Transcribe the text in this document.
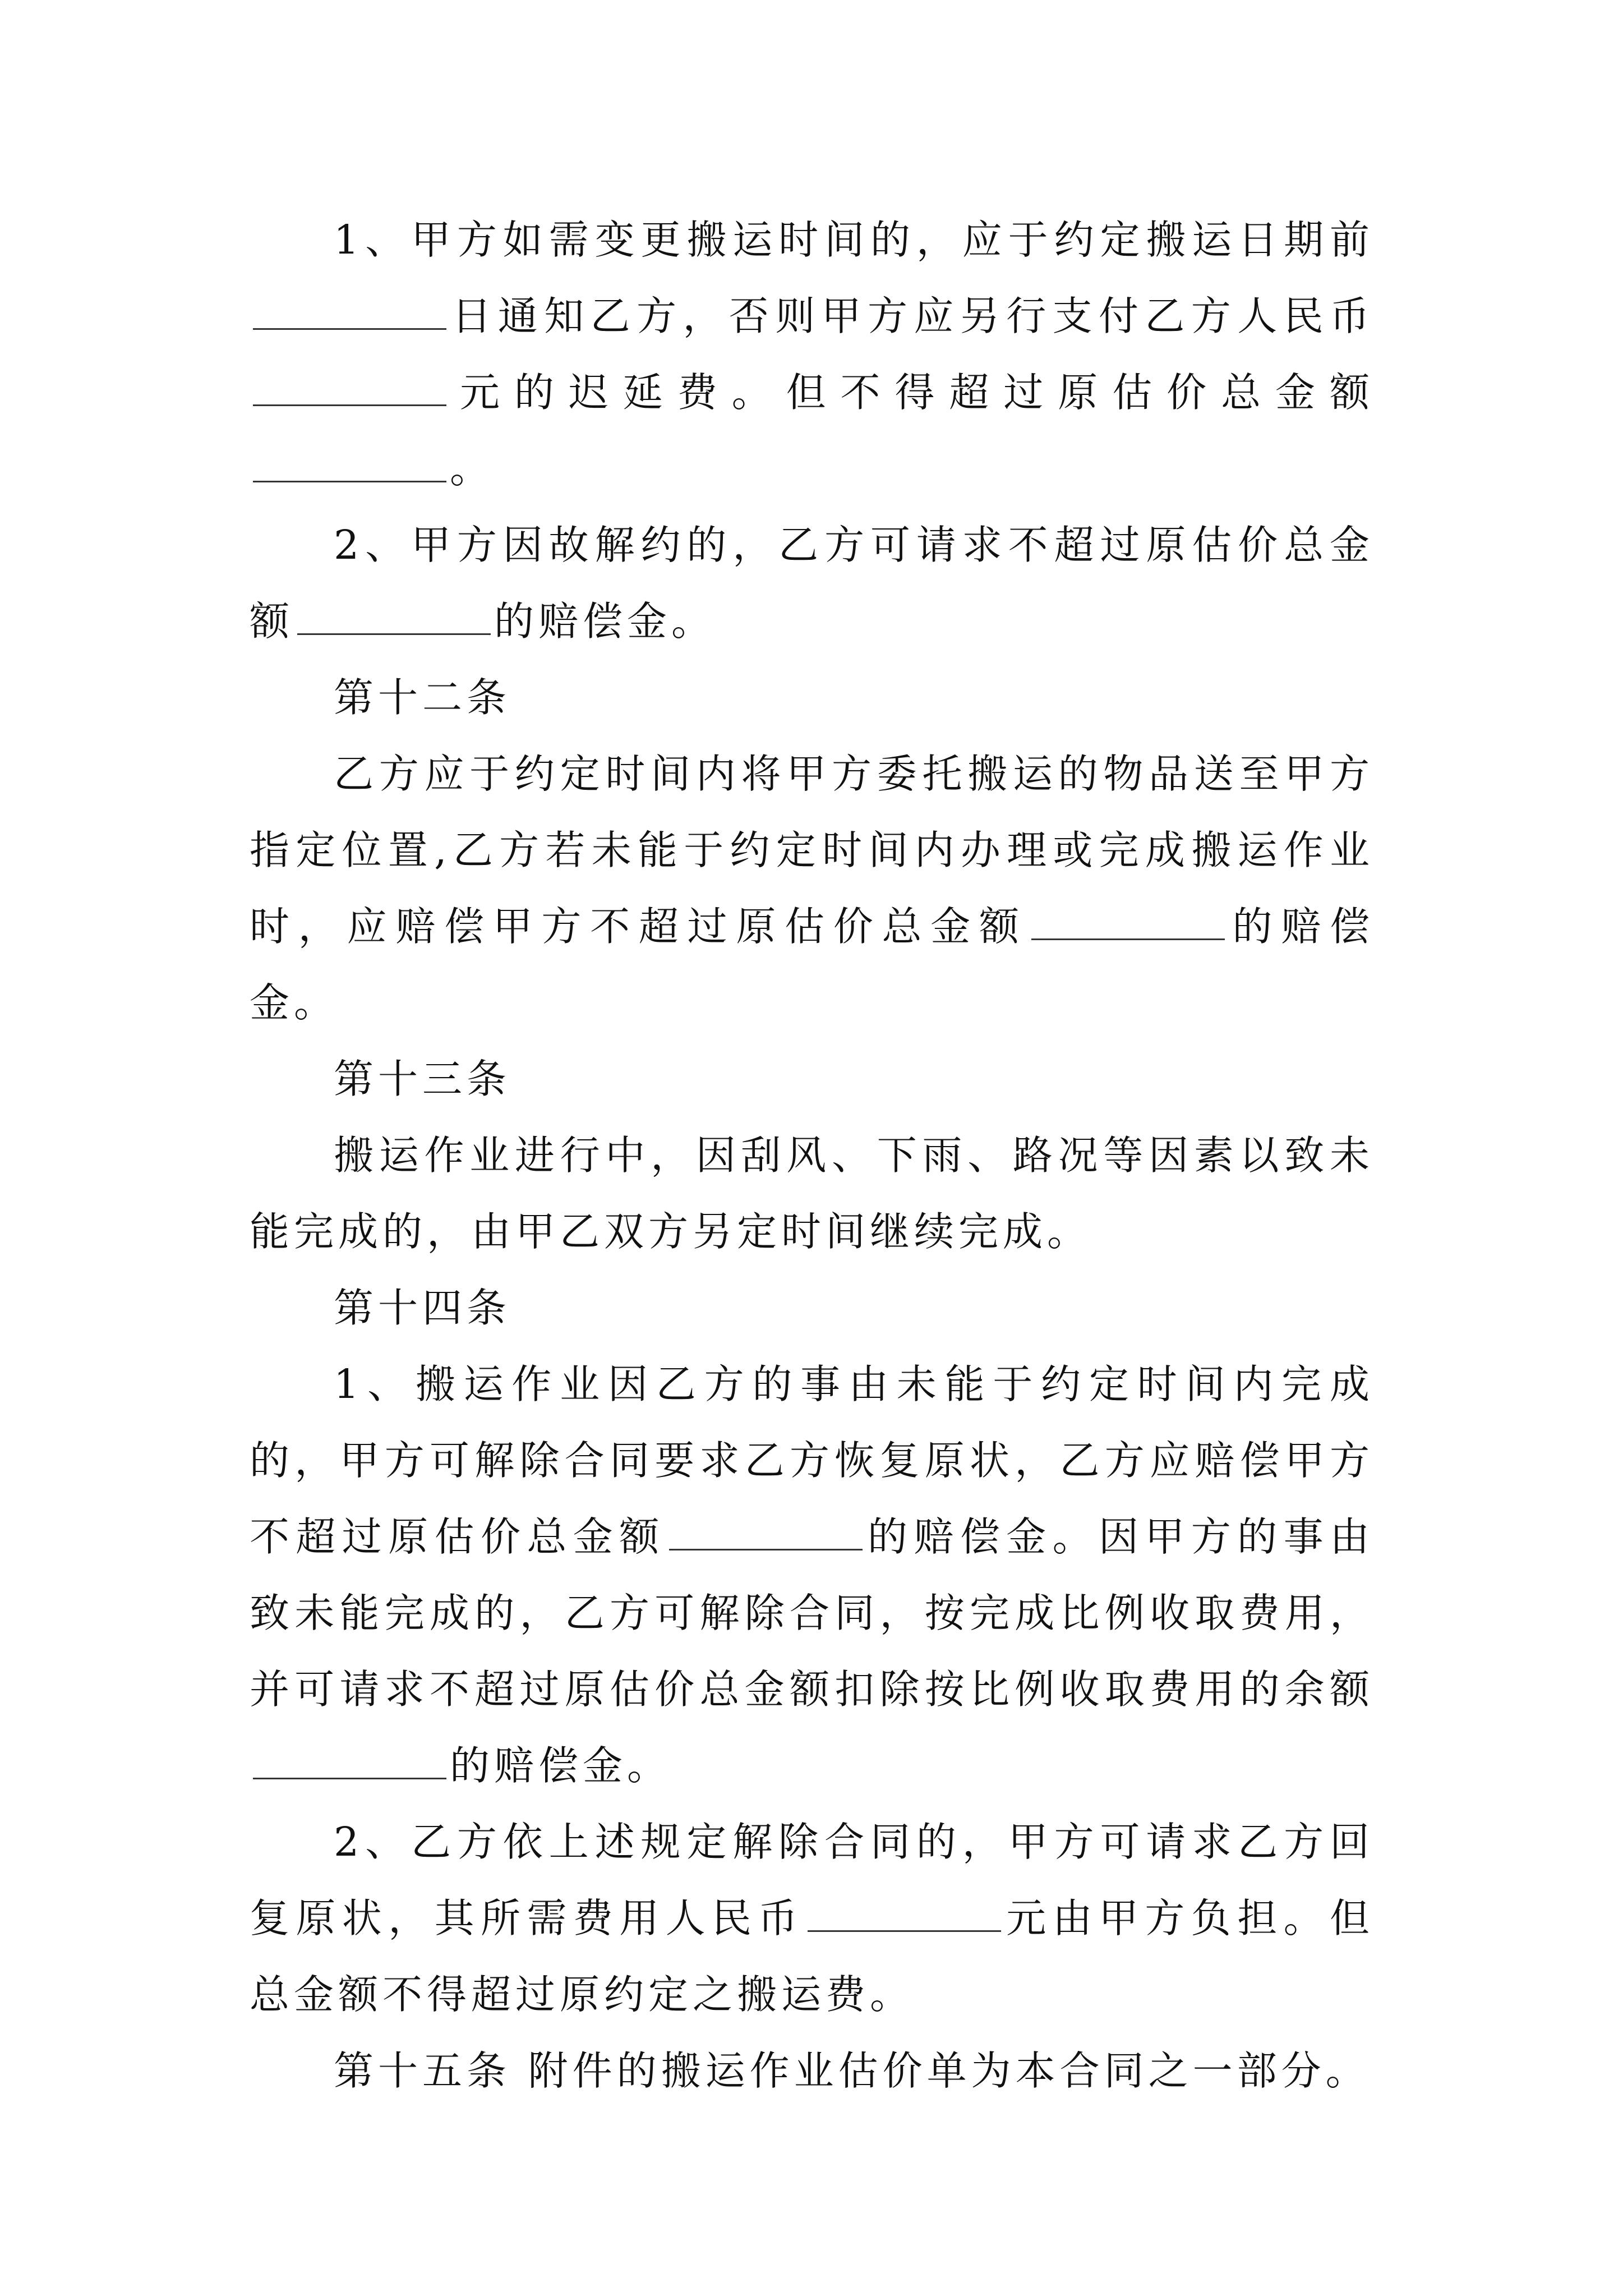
1、甲方如需变更搬运时间的，应于约定搬运日期前日通知乙方，否则甲方应另行支付乙方人民币元的迟延费。但不得超过原估价总金额。

2、甲方因故解约的，乙方可请求不超过原估价总金额	的赔偿金。

第十二条

乙方应于约定时间内将甲方委托搬运的物品送至甲方指定位置,乙方若未能于约定时间内办理或完成搬运作业时，应赔偿甲方不超过原估价总金额	的赔偿金。

第十三条

搬运作业进行中，因刮风、下雨、路况等因素以致未能完成的，由甲乙双方另定时间继续完成。

第十四条

1、搬运作业因乙方的事由未能于约定时间内完成的，甲方可解除合同要求乙方恢复原状，乙方应赔偿甲方不超过原估价总金额	的赔偿金。因甲方的事由致未能完成的，乙方可解除合同，按完成比例收取费用，并可请求不超过原估价总金额扣除按比例收取费用的余额的赔偿金。

2、乙方依上述规定解除合同的，甲方可请求乙方回复原状，其所需费用人民币	元由甲方负担。但总金额不得超过原约定之搬运费。

第十五条 附件的搬运作业估价单为本合同之一部分。
